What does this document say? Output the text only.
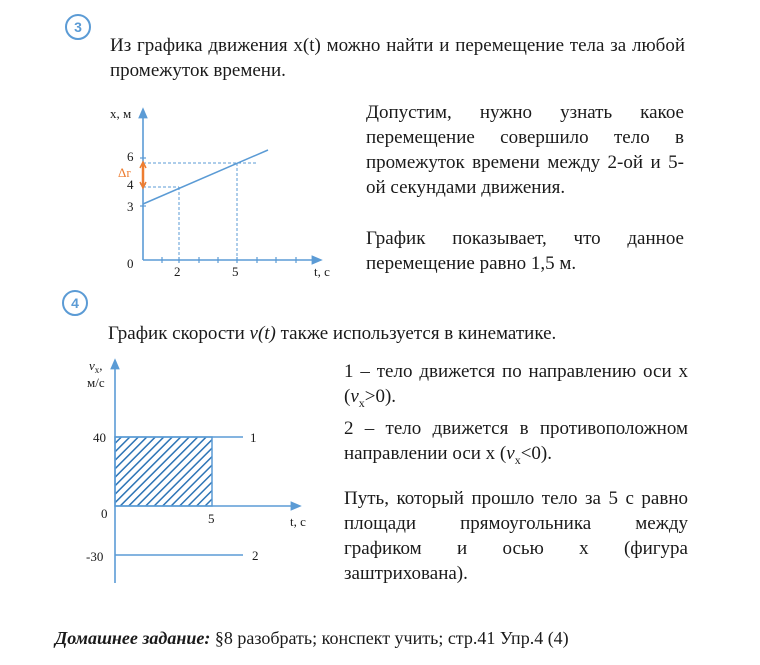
3
Из графика движения x(t) можно найти и перемещение тела за любой промежуток времени.
x, м
6
Δr
4
3
0
2	5	t, с
Допустим, нужно узнать какое перемещение совершило тело в промежуток времени между 2-ой и 5-ой секундами движения.
График показывает, что данное перемещение равно 1,5 м.
4
График скорости v(t) также используется в кинематике.
$v_x$,
м/с
40
0
-30
5	t, с
1
2

1 – тело движется по направлению оси x $(v_x>0)$.

2 – тело движется в противоположном направлении оси x $(v_x<0)$.

Путь, который прошло тело за 5 с равно площади прямоугольника между графиком и осью x (фигура заштрихована).
Домашнее задание: §8 разобрать; конспект учить; стр.41 Упр.4 (4)
